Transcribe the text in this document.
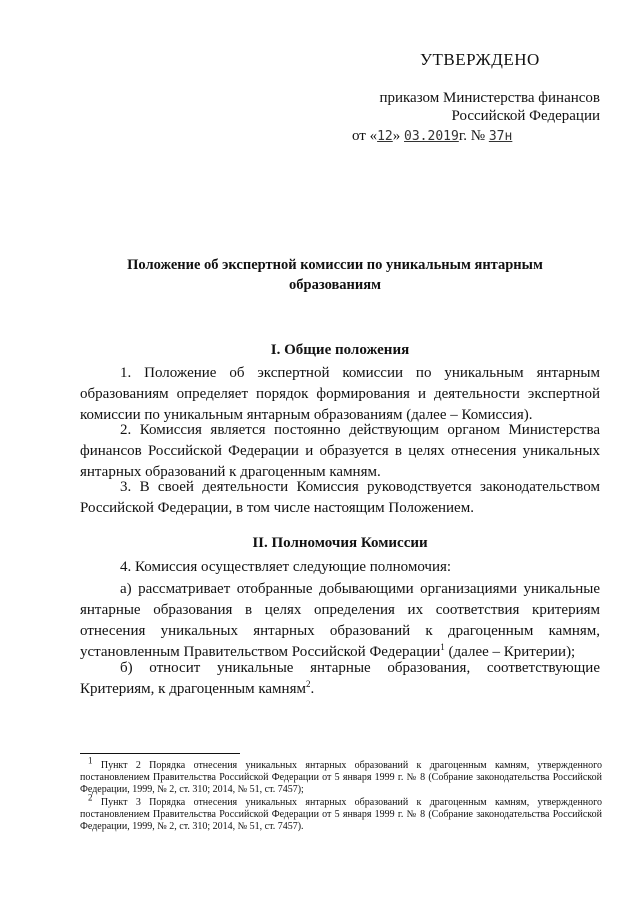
УТВЕРЖДЕНО
приказом Министерства финансов
Российской Федерации
от «12» 03.2019г. № 37н
Положение об экспертной комиссии по уникальным янтарным образованиям
I. Общие положения
1. Положение об экспертной комиссии по уникальным янтарным образованиям определяет порядок формирования и деятельности экспертной комиссии по уникальным янтарным образованиям (далее – Комиссия).
2. Комиссия является постоянно действующим органом Министерства финансов Российской Федерации и образуется в целях отнесения уникальных янтарных образований к драгоценным камням.
3. В своей деятельности Комиссия руководствуется законодательством Российской Федерации, в том числе настоящим Положением.
II. Полномочия Комиссии
4. Комиссия осуществляет следующие полномочия:
а) рассматривает отобранные добывающими организациями уникальные янтарные образования в целях определения их соответствия критериям отнесения уникальных янтарных образований к драгоценным камням, установленным Правительством Российской Федерации$^1$ (далее – Критерии);
б) относит уникальные янтарные образования, соответствующие Критериям, к драгоценным камням$^2$.
$^1$ Пункт 2 Порядка отнесения уникальных янтарных образований к драгоценным камням, утвержденного постановлением Правительства Российской Федерации от 5 января 1999 г. № 8 (Собрание законодательства Российской Федерации, 1999, № 2, ст. 310; 2014, № 51, ст. 7457);
$^2$ Пункт 3 Порядка отнесения уникальных янтарных образований к драгоценным камням, утвержденного постановлением Правительства Российской Федерации от 5 января 1999 г. № 8 (Собрание законодательства Российской Федерации, 1999, № 2, ст. 310; 2014, № 51, ст. 7457).
